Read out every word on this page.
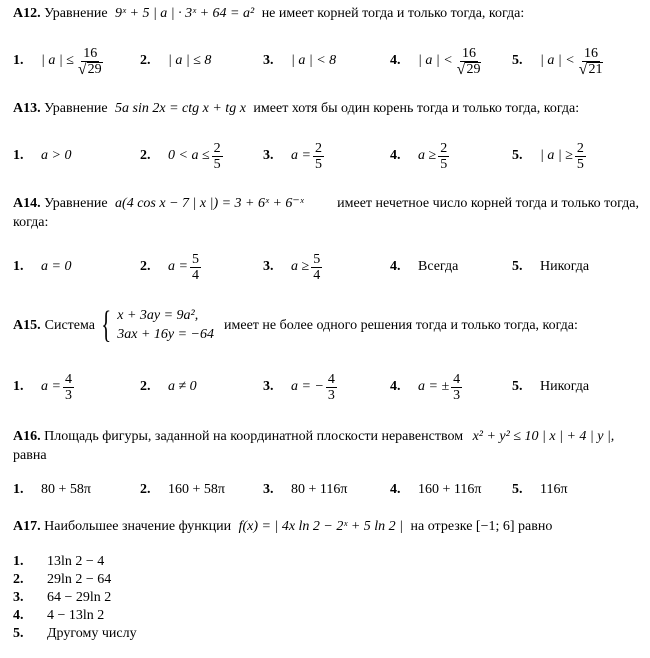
А12. Уравнение 9ˣ + 5 | a | · 3ˣ + 64 = a² не имеет корней тогда и только тогда, когда:
1.	| a | ≤ $\frac{16}{√ 29}$	2.	| a | ≤ 8	3.	| a | < 8	4.	| a | < $\frac{16}{√ 29} 5$.	| a | < $\frac{16}{√ 21}$
А13. Уравнение 5a sin 2x = ctg x + tg x имеет хотя бы один корень тогда и только тогда, когда:
1.	a > 0	2.	$0 < a \le \frac{2}{5}$	3.	$a = \frac{2}{5}$	4.	$a \ge \frac{2}{5}$	5.	| a | ≥ $\frac{2}{5}$
А14. Уравнение a(4 cos x − 7 | x |) = 3 + 6ˣ + 6⁻ˣ имеет нечетное число корней тогда и только тогда,
когда:
1.	a = 0	2.	$a = \frac{5}{4}$	3.	$a \ge \frac{5}{4}$	4.	Всегда	5.	Никогда
А15. Система { x + 3ay = 9a²,
3ax + 16y = −64
имеет не более одного решения тогда и только тогда, когда:
1.	$a = \frac{4}{3}$	2.	a ≠ 0	3.	a = − $\frac{4}{3}$	4.	a = ± $\frac{4}{3}$	5.	Никогда
А16. Площадь фигуры, заданной на координатной плоскости неравенством x² + y² ≤ 10 | x | + 4 | y |,
равна
1.	80 + 58π	2.	160 + 58π	3.	80 + 116π	4.	160 + 116π 5.	116π
А17. Наибольшее значение функции f(x) = | 4x ln 2 − 2ˣ + 5 ln 2 | на отрезке [−1; 6] равно
1. 13ln 2 − 4
2. 29ln 2 − 64
3. 64 − 29ln 2
4. 4 − 13ln 2
5. Другому числу
